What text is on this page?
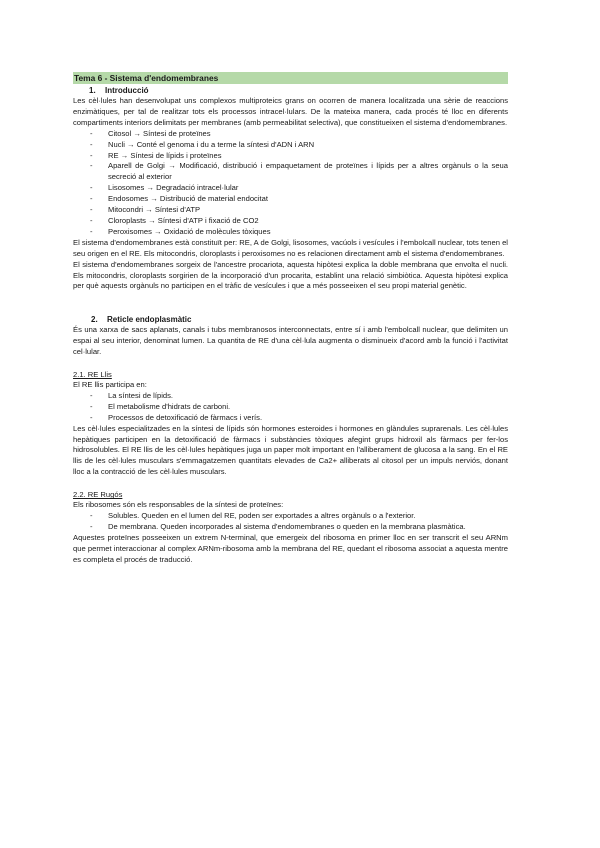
Tema 6 - Sistema d'endomembranes
1. Introducció

Les cèl·lules han desenvolupat uns complexos multiproteics grans on ocorren de manera localitzada una sèrie de reaccions enzimàtiques, per tal de realitzar tots els processos intracel·lulars. De la mateixa manera, cada procés té lloc en diferents compartiments interiors delimitats per membranes (amb permeabilitat selectiva), que constitueixen el sistema d'endomembranes.

- Citosol → Síntesi de proteïnes
- Nucli → Conté el genoma i du a terme la síntesi d'ADN i ARN
- RE → Síntesi de lípids i proteïnes
- Aparell de Golgi → Modificació, distribució i empaquetament de proteïnes i lípids per a altres orgànuls o la seua secreció al exterior
- Lisosomes → Degradació intracel·lular
- Endosomes → Distribució de material endocitat
- Mitocondri → Síntesi d'ATP
- Cloroplasts → Síntesi d'ATP i fixació de CO2
- Peroxisomes → Oxidació de molècules tòxiques

El sistema d'endomembranes està constituït per: RE, A de Golgi, lisosomes, vacúols i vesícules i l'embolcall nuclear, tots tenen el seu origen en el RE. Els mitocondris, cloroplasts i peroxisomes no es relacionen directament amb el sistema d'endomembranes.

El sistema d'endomembranes sorgeix de l'ancestre procariota, aquesta hipòtesi explica la doble membrana que envolta el nucli. Els mitocondris, cloroplasts sorgirien de la incorporació d'un procarita, establint una relació simbiòtica. Aquesta hipòtesi explica per què aquests orgànuls no participen en el tràfic de vesícules i que a més posseeixen el seu propi material genètic.

2. Reticle endoplasmàtic

És una xarxa de sacs aplanats, canals i tubs membranosos interconnectats, entre sí i amb l'embolcall nuclear, que delimiten un espai al seu interior, denominat lumen. La quantita de RE d'una cèl·lula augmenta o disminueix d'acord amb la funció i l'activitat cel·lular.

2.1. RE Llis

El RE llis participa en:

- La síntesi de lípids.
- El metabolisme d'hidrats de carboni.
- Processos de detoxificació de fàrmacs i verís.

Les cèl·lules especialitzades en la síntesi de lípids són hormones esteroides i hormones en glàndules suprarenals. Les cèl·lules hepàtiques participen en la detoxificació de fàrmacs i substàncies tòxiques afegint grups hidroxil als fàrmacs per fer-los hidrosolubles. El RE llis de les cèl·lules hepàtiques juga un paper molt important en l'alliberament de glucosa a la sang. En el RE llis de les cèl·lules musculars s'emmagatzemen quantitats elevades de Ca2+ alliberats al citosol per un impuls nerviós, donant lloc a la contracció de les cèl·lules musculars.

2.2. RE Rugós

Els ribosomes són els responsables de la síntesi de proteïnes:

- Solubles. Queden en el lumen del RE, poden ser exportades a altres orgànuls o a l'exterior.
- De membrana. Queden incorporades al sistema d'endomembranes o queden en la membrana plasmàtica.

Aquestes proteïnes posseeixen un extrem N-terminal, que emergeix del ribosoma en primer lloc en ser transcrit el seu ARNm que permet interaccionar al complex ARNm-ribosoma amb la membrana del RE, quedant el ribosoma associat a aquesta mentre es completa el procés de traducció.
